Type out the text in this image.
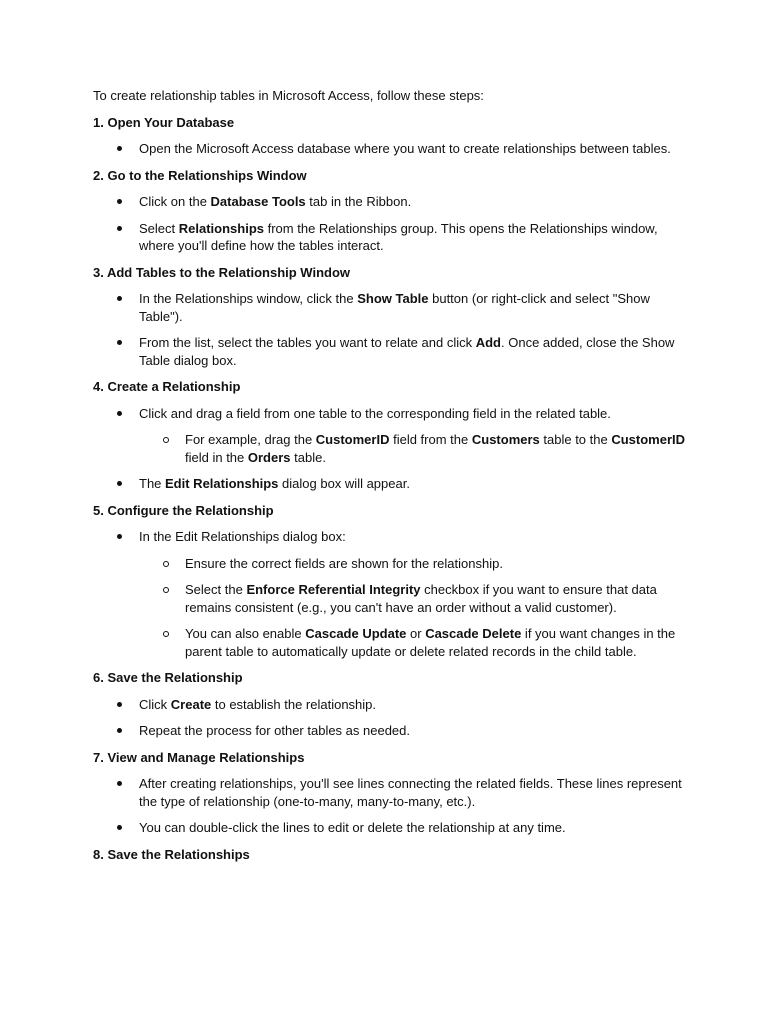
To create relationship tables in Microsoft Access, follow these steps:

1. Open Your Database

Open the Microsoft Access database where you want to create relationships between tables.

2. Go to the Relationships Window

Click on the Database Tools tab in the Ribbon.
Select Relationships from the Relationships group. This opens the Relationships window, where you'll define how the tables interact.

3. Add Tables to the Relationship Window

In the Relationships window, click the Show Table button (or right-click and select "Show Table").
From the list, select the tables you want to relate and click Add. Once added, close the Show Table dialog box.

4. Create a Relationship

Click and drag a field from one table to the corresponding field in the related table.
For example, drag the CustomerID field from the Customers table to the CustomerID field in the Orders table.
The Edit Relationships dialog box will appear.

5. Configure the Relationship

In the Edit Relationships dialog box:
Ensure the correct fields are shown for the relationship.
Select the Enforce Referential Integrity checkbox if you want to ensure that data remains consistent (e.g., you can't have an order without a valid customer).
You can also enable Cascade Update or Cascade Delete if you want changes in the parent table to automatically update or delete related records in the child table.

6. Save the Relationship

Click Create to establish the relationship.
Repeat the process for other tables as needed.

7. View and Manage Relationships

After creating relationships, you'll see lines connecting the related fields. These lines represent the type of relationship (one-to-many, many-to-many, etc.).
You can double-click the lines to edit or delete the relationship at any time.

8. Save the Relationships
